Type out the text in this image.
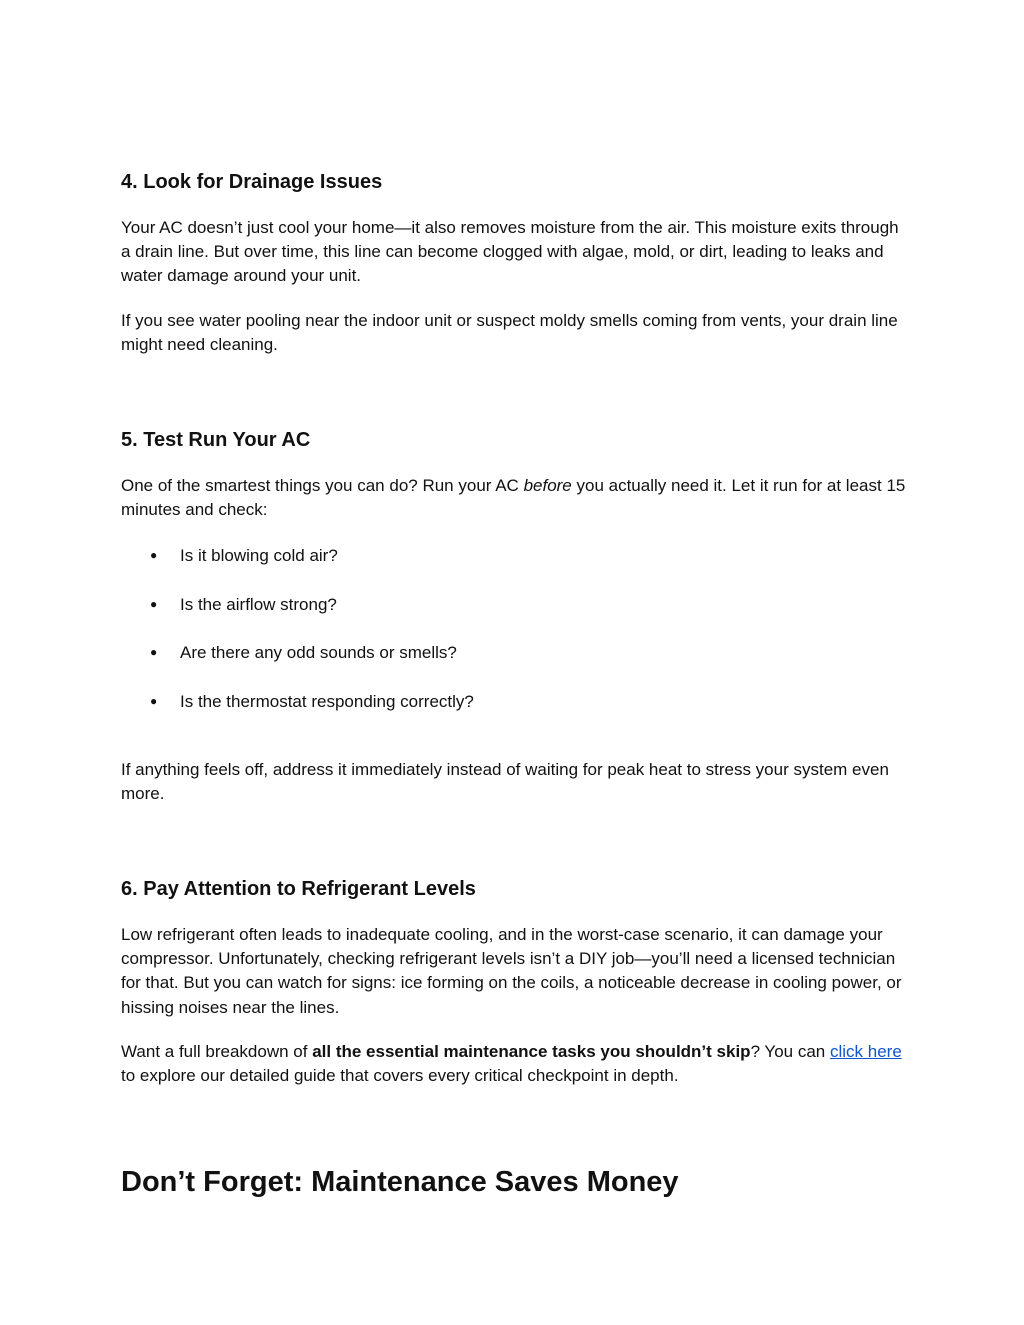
4. Look for Drainage Issues

Your AC doesn’t just cool your home—it also removes moisture from the air. This moisture exits through a drain line. But over time, this line can become clogged with algae, mold, or dirt, leading to leaks and water damage around your unit.

If you see water pooling near the indoor unit or suspect moldy smells coming from vents, your drain line might need cleaning.

5. Test Run Your AC

One of the smartest things you can do? Run your AC before you actually need it. Let it run for at least 15 minutes and check:

● Is it blowing cold air?
● Is the airflow strong?
● Are there any odd sounds or smells?
● Is the thermostat responding correctly?

If anything feels off, address it immediately instead of waiting for peak heat to stress your system even more.

6. Pay Attention to Refrigerant Levels

Low refrigerant often leads to inadequate cooling, and in the worst-case scenario, it can damage your compressor. Unfortunately, checking refrigerant levels isn’t a DIY job—you’ll need a licensed technician for that. But you can watch for signs: ice forming on the coils, a noticeable decrease in cooling power, or hissing noises near the lines.

Want a full breakdown of all the essential maintenance tasks you shouldn’t skip? You can click here to explore our detailed guide that covers every critical checkpoint in depth.

Don’t Forget: Maintenance Saves Money
